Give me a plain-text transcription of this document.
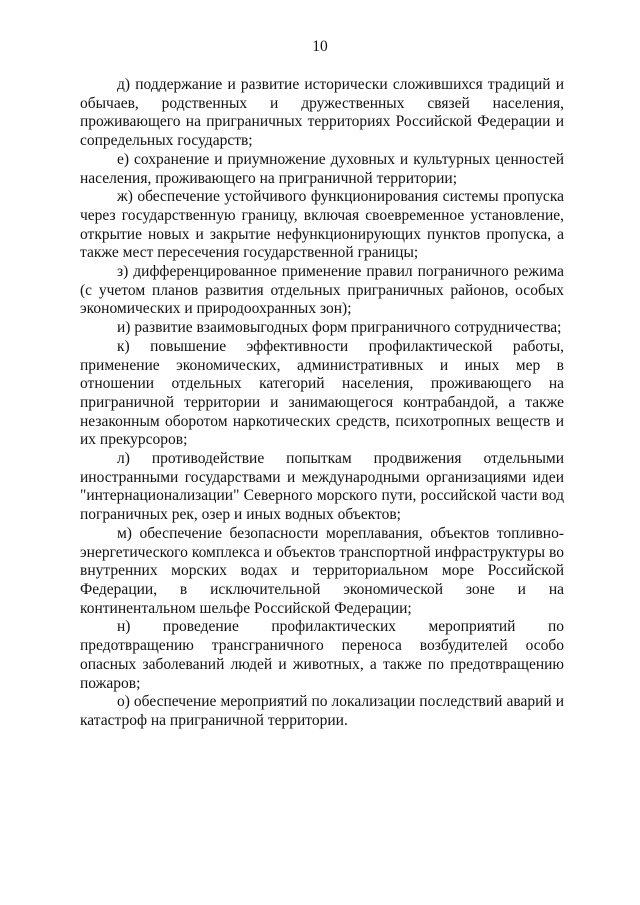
10

д) поддержание и развитие исторически сложившихся традиций и обычаев, родственных и дружественных связей населения, проживающего на приграничных территориях Российской Федерации и сопредельных государств;

е) сохранение и приумножение духовных и культурных ценностей населения, проживающего на приграничной территории;

ж) обеспечение устойчивого функционирования системы пропуска через государственную границу, включая своевременное установление, открытие новых и закрытие нефункционирующих пунктов пропуска, а также мест пересечения государственной границы;

з) дифференцированное применение правил пограничного режима (с учетом планов развития отдельных приграничных районов, особых экономических и природоохранных зон);

и) развитие взаимовыгодных форм приграничного сотрудничества;

к) повышение эффективности профилактической работы, применение экономических, административных и иных мер в отношении отдельных категорий населения, проживающего на приграничной территории и занимающегося контрабандой, а также незаконным оборотом наркотических средств, психотропных веществ и их прекурсоров;

л) противодействие попыткам продвижения отдельными иностранными государствами и международными организациями идеи "интернационализации" Северного морского пути, российской части вод пограничных рек, озер и иных водных объектов;

м) обеспечение безопасности мореплавания, объектов топливно-энергетического комплекса и объектов транспортной инфраструктуры во внутренних морских водах и территориальном море Российской Федерации, в исключительной экономической зоне и на континентальном шельфе Российской Федерации;

н) проведение профилактических мероприятий по предотвращению трансграничного переноса возбудителей особо опасных заболеваний людей и животных, а также по предотвращению пожаров;

о) обеспечение мероприятий по локализации последствий аварий и катастроф на приграничной территории.
